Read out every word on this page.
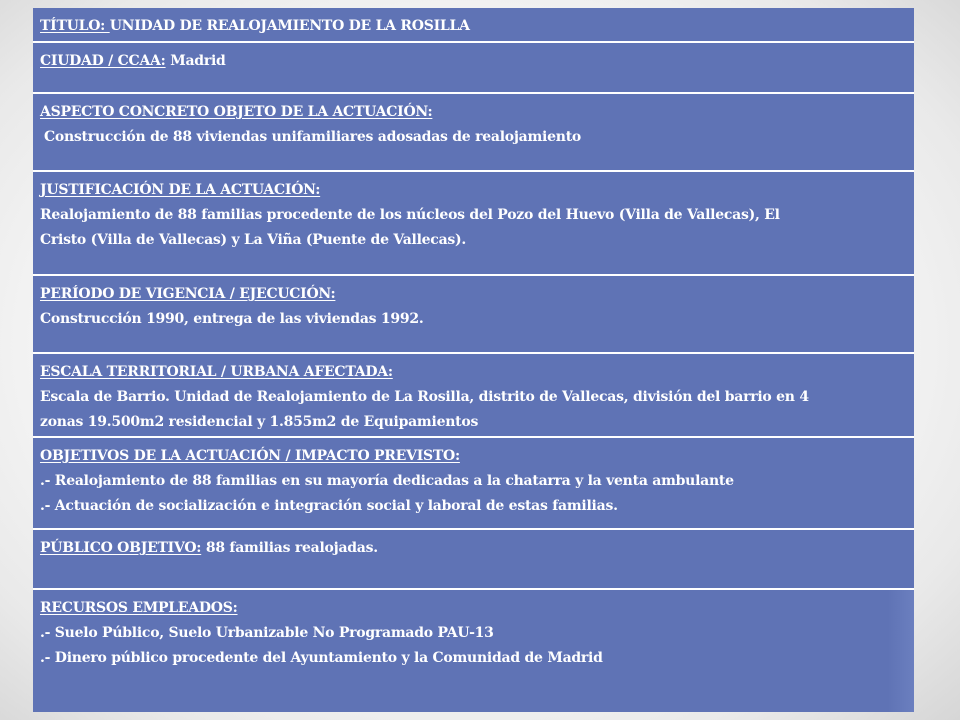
TÍTULO: UNIDAD DE REALOJAMIENTO DE LA ROSILLA
CIUDAD / CCAA: Madrid
ASPECTO CONCRETO OBJETO DE LA ACTUACIÓN:
Construcción de 88 viviendas unifamiliares adosadas de realojamiento
JUSTIFICACIÓN DE LA ACTUACIÓN:
Realojamiento de 88 familias procedente de los núcleos del Pozo del Huevo (Villa de Vallecas), El
Cristo (Villa de Vallecas) y La Viña (Puente de Vallecas).
PERÍODO DE VIGENCIA / EJECUCIÓN:
Construcción 1990, entrega de las viviendas 1992.
ESCALA TERRITORIAL / URBANA AFECTADA:
Escala de Barrio. Unidad de Realojamiento de La Rosilla, distrito de Vallecas, división del barrio en 4
zonas 19.500m2 residencial y 1.855m2 de Equipamientos
OBJETIVOS DE LA ACTUACIÓN / IMPACTO PREVISTO:
.- Realojamiento de 88 familias en su mayoría dedicadas a la chatarra y la venta ambulante
.- Actuación de socialización e integración social y laboral de estas familias.
PÚBLICO OBJETIVO: 88 familias realojadas.
RECURSOS EMPLEADOS:
.- Suelo Público, Suelo Urbanizable No Programado PAU-13
.- Dinero público procedente del Ayuntamiento y la Comunidad de Madrid
